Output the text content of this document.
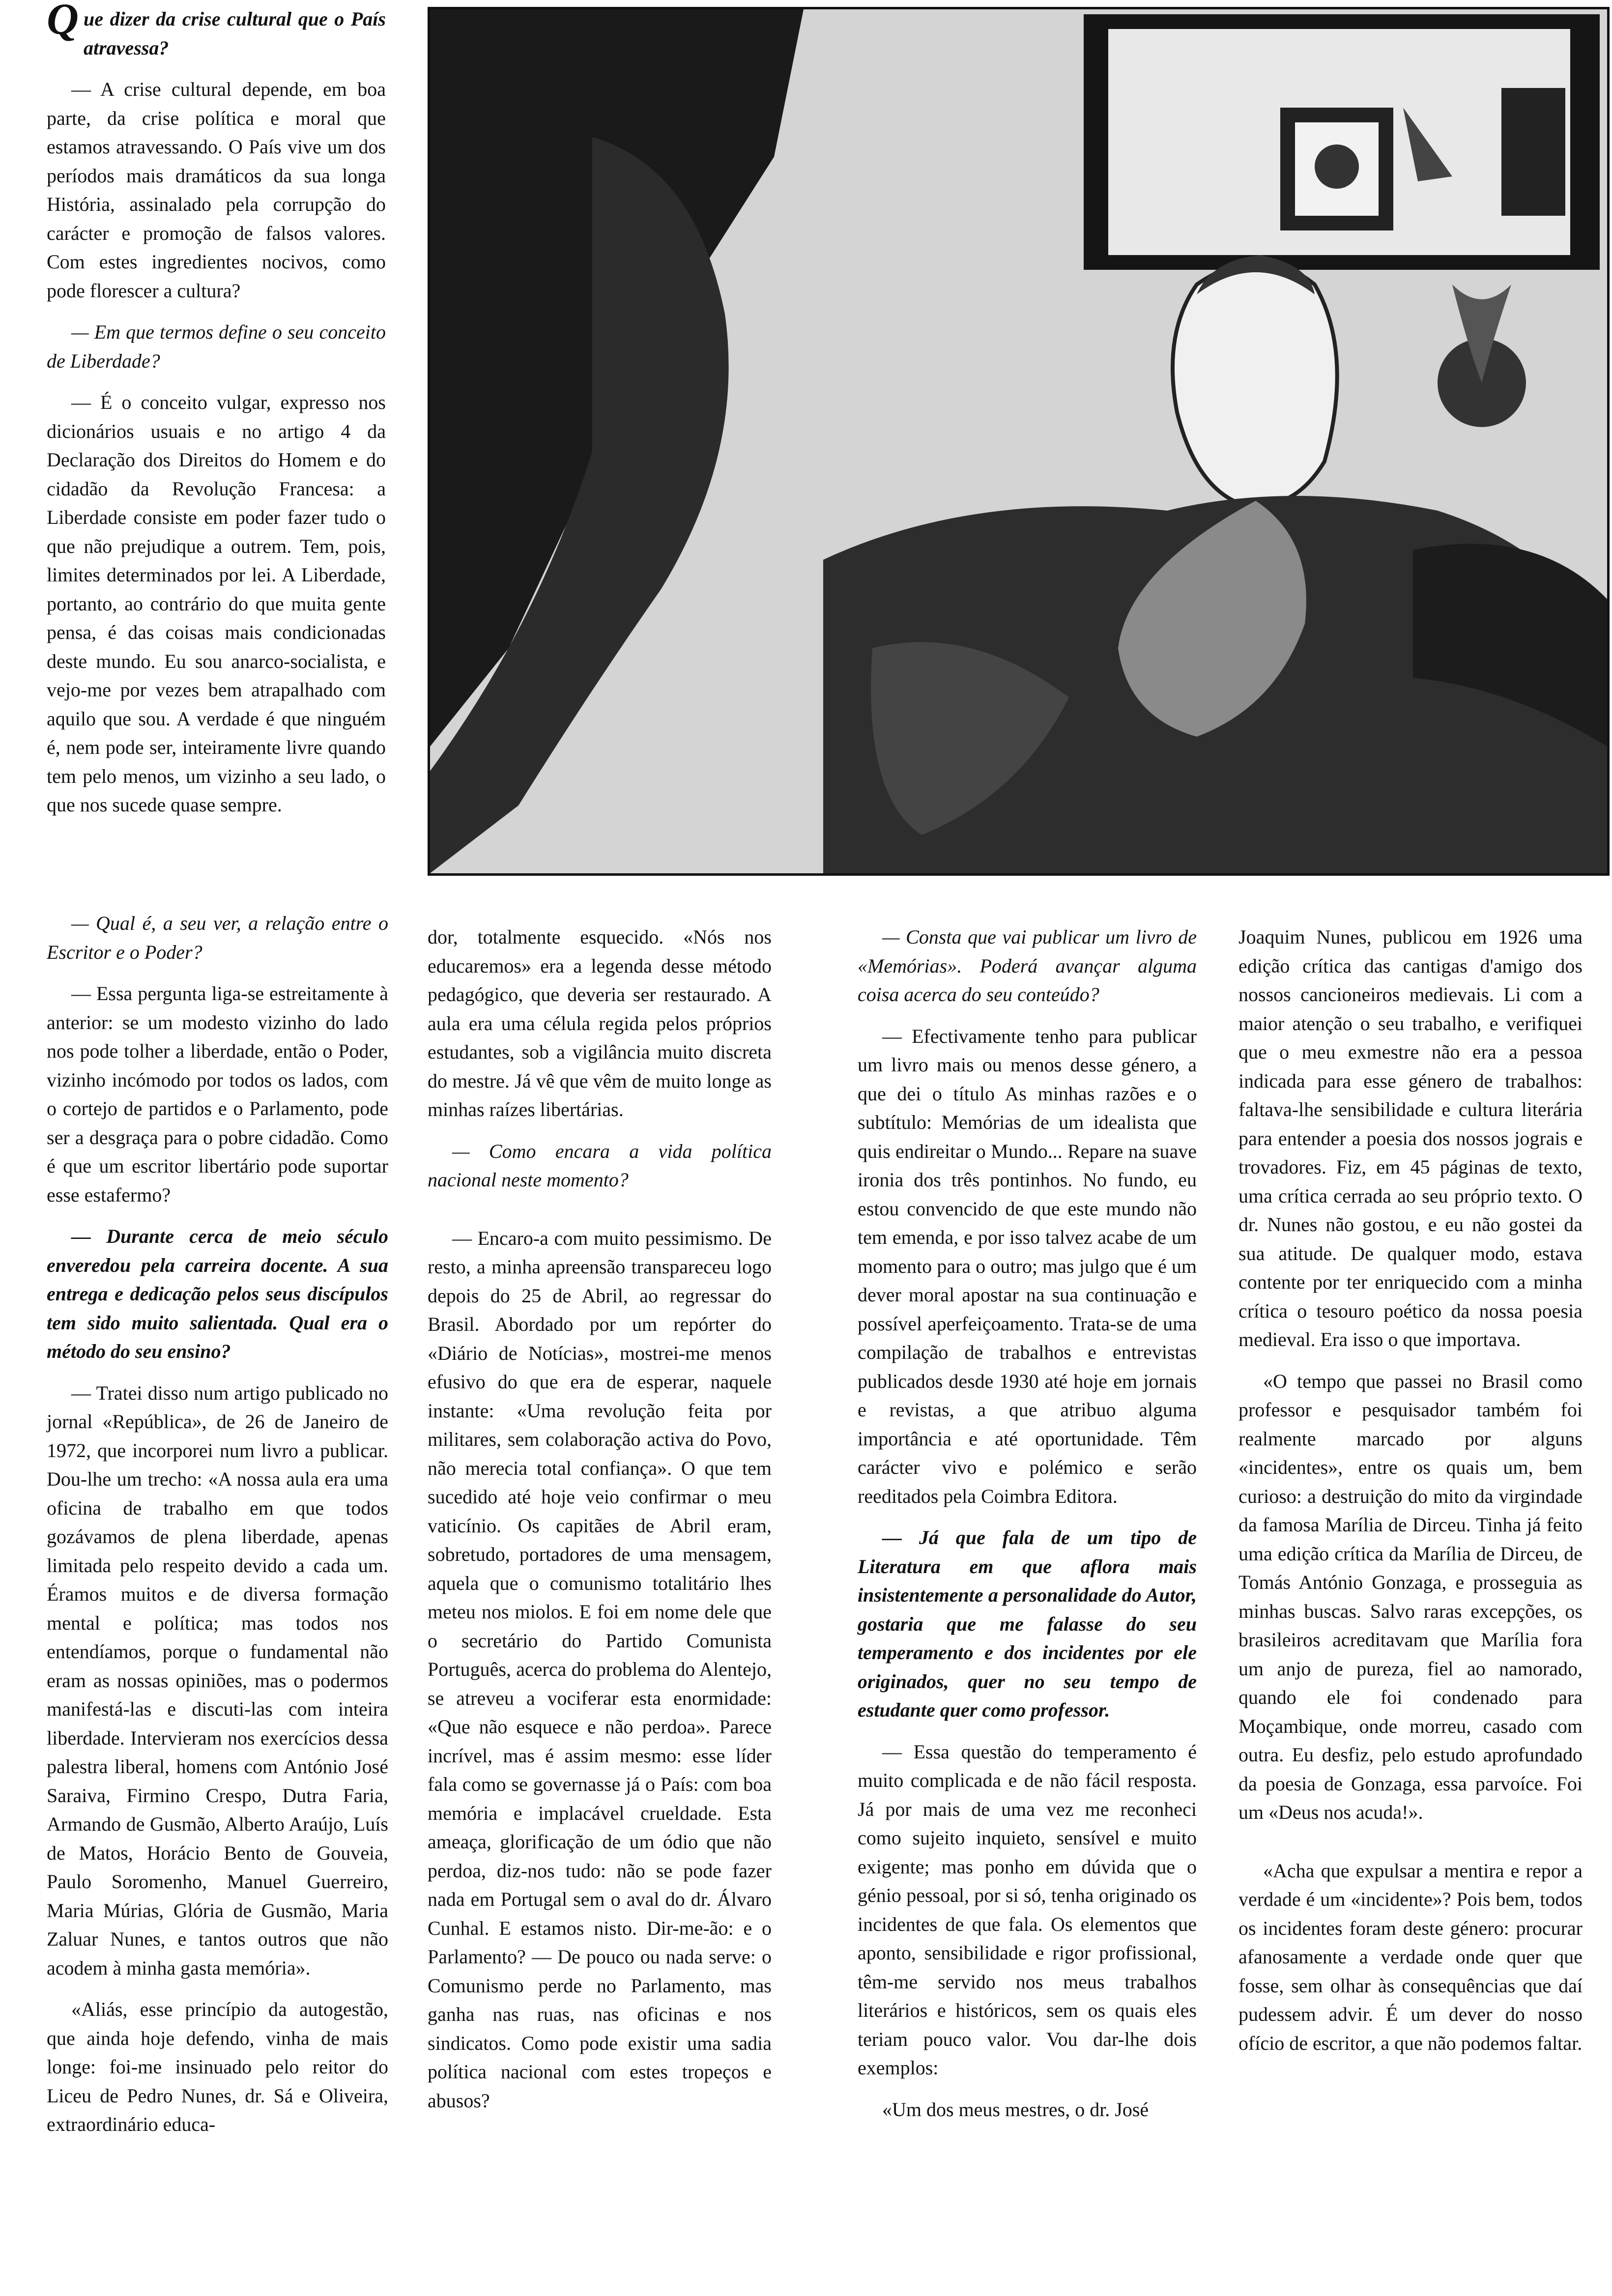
Que dizer da crise cultural que o País atravessa?

— A crise cultural depende, em boa parte, da crise política e moral que estamos atravessando. O País vive um dos períodos mais dramáticos da sua longa História, assinalado pela corrupção do carácter e promoção de falsos valores. Com estes ingredientes nocivos, como pode florescer a cultura?

— Em que termos define o seu conceito de Liberdade?

— É o conceito vulgar, expresso nos dicionários usuais e no artigo 4 da Declaração dos Direitos do Homem e do cidadão da Revolução Francesa: a Liberdade consiste em poder fazer tudo o que não prejudique a outrem. Tem, pois, limites determinados por lei. A Liberdade, portanto, ao contrário do que muita gente pensa, é das coisas mais condicionadas deste mundo. Eu sou anarco-socialista, e vejo-me por vezes bem atrapalhado com aquilo que sou. A verdade é que ninguém é, nem pode ser, inteiramente livre quando tem pelo menos, um vizinho a seu lado, o que nos sucede quase sempre.

— Qual é, a seu ver, a relação entre o Escritor e o Poder?

— Essa pergunta liga-se estreitamente à anterior: se um modesto vizinho do lado nos pode tolher a liberdade, então o Poder, vizinho incómodo por todos os lados, com o cortejo de partidos e o Parlamento, pode ser a desgraça para o pobre cidadão. Como é que um escritor libertário pode suportar esse estafermo?

— Durante cerca de meio século enveredou pela carreira docente. A sua entrega e dedicação pelos seus discípulos tem sido muito salientada. Qual era o método do seu ensino?

— Tratei disso num artigo publicado no jornal «República», de 26 de Janeiro de 1972, que incorporei num livro a publicar. Dou-lhe um trecho: «A nossa aula era uma oficina de trabalho em que todos gozávamos de plena liberdade, apenas limitada pelo respeito devido a cada um. Éramos muitos e de diversa formação mental e política; mas todos nos entendíamos, porque o fundamental não eram as nossas opiniões, mas o podermos manifestá-las e discuti-las com inteira liberdade. Intervieram nos exercícios dessa palestra liberal, homens com António José Saraiva, Firmino Crespo, Dutra Faria, Armando de Gusmão, Alberto Araújo, Luís de Matos, Horácio Bento de Gouveia, Paulo Soromenho, Manuel Guerreiro, Maria Múrias, Glória de Gusmão, Maria Zaluar Nunes, e tantos outros que não acodem à minha gasta memória».

«Aliás, esse princípio da autogestão, que ainda hoje defendo, vinha de mais longe: foi-me insinuado pelo reitor do Liceu de Pedro Nunes, dr. Sá e Oliveira, extraordinário educa-

dor, totalmente esquecido. «Nós nos educaremos» era a legenda desse método pedagógico, que deveria ser restaurado. A aula era uma célula regida pelos próprios estudantes, sob a vigilância muito discreta do mestre. Já vê que vêm de muito longe as minhas raízes libertárias.

— Como encara a vida política nacional neste momento?

— Encaro-a com muito pessimismo. De resto, a minha apreensão transpareceu logo depois do 25 de Abril, ao regressar do Brasil. Abordado por um repórter do «Diário de Notícias», mostrei-me menos efusivo do que era de esperar, naquele instante: «Uma revolução feita por militares, sem colaboração activa do Povo, não merecia total confiança». O que tem sucedido até hoje veio confirmar o meu vaticínio. Os capitães de Abril eram, sobretudo, portadores de uma mensagem, aquela que o comunismo totalitário lhes meteu nos miolos. E foi em nome dele que o secretário do Partido Comunista Português, acerca do problema do Alentejo, se atreveu a vociferar esta enormidade: «Que não esquece e não perdoa». Parece incrível, mas é assim mesmo: esse líder fala como se governasse já o País: com boa memória e implacável crueldade. Esta ameaça, glorificação de um ódio que não perdoa, diz-nos tudo: não se pode fazer nada em Portugal sem o aval do dr. Álvaro Cunhal. E estamos nisto. Dir-me-ão: e o Parlamento? — De pouco ou nada serve: o Comunismo perde no Parlamento, mas ganha nas ruas, nas oficinas e nos sindicatos. Como pode existir uma sadia política nacional com estes tropeços e abusos?

— Consta que vai publicar um livro de «Memórias». Poderá avançar alguma coisa acerca do seu conteúdo?

— Efectivamente tenho para publicar um livro mais ou menos desse género, a que dei o título As minhas razões e o subtítulo: Memórias de um idealista que quis endireitar o Mundo... Repare na suave ironia dos três pontinhos. No fundo, eu estou convencido de que este mundo não tem emenda, e por isso talvez acabe de um momento para o outro; mas julgo que é um dever moral apostar na sua continuação e possível aperfeiçoamento. Trata-se de uma compilação de trabalhos e entrevistas publicados desde 1930 até hoje em jornais e revistas, a que atribuo alguma importância e até oportunidade. Têm carácter vivo e polémico e serão reeditados pela Coimbra Editora.

— Já que fala de um tipo de Literatura em que aflora mais insistentemente a personalidade do Autor, gostaria que me falasse do seu temperamento e dos incidentes por ele originados, quer no seu tempo de estudante quer como professor.

— Essa questão do temperamento é muito complicada e de não fácil resposta. Já por mais de uma vez me reconheci como sujeito inquieto, sensível e muito exigente; mas ponho em dúvida que o génio pessoal, por si só, tenha originado os incidentes de que fala. Os elementos que aponto, sensibilidade e rigor profissional, têm-me servido nos meus trabalhos literários e históricos, sem os quais eles teriam pouco valor. Vou dar-lhe dois exemplos:

«Um dos meus mestres, o dr. José

Joaquim Nunes, publicou em 1926 uma edição crítica das cantigas d'amigo dos nossos cancioneiros medievais. Li com a maior atenção o seu trabalho, e verifiquei que o meu exmestre não era a pessoa indicada para esse género de trabalhos: faltava-lhe sensibilidade e cultura literária para entender a poesia dos nossos jograis e trovadores. Fiz, em 45 páginas de texto, uma crítica cerrada ao seu próprio texto. O dr. Nunes não gostou, e eu não gostei da sua atitude. De qualquer modo, estava contente por ter enriquecido com a minha crítica o tesouro poético da nossa poesia medieval. Era isso o que importava.

«O tempo que passei no Brasil como professor e pesquisador também foi realmente marcado por alguns «incidentes», entre os quais um, bem curioso: a destruição do mito da virgindade da famosa Marília de Dirceu. Tinha já feito uma edição crítica da Marília de Dirceu, de Tomás António Gonzaga, e prosseguia as minhas buscas. Salvo raras excepções, os brasileiros acreditavam que Marília fora um anjo de pureza, fiel ao namorado, quando ele foi condenado para Moçambique, onde morreu, casado com outra. Eu desfiz, pelo estudo aprofundado da poesia de Gonzaga, essa parvoíce. Foi um «Deus nos acuda!».

«Acha que expulsar a mentira e repor a verdade é um «incidente»? Pois bem, todos os incidentes foram deste género: procurar afanosamente a verdade onde quer que fosse, sem olhar às consequências que daí pudessem advir. É um dever do nosso ofício de escritor, a que não podemos faltar.
